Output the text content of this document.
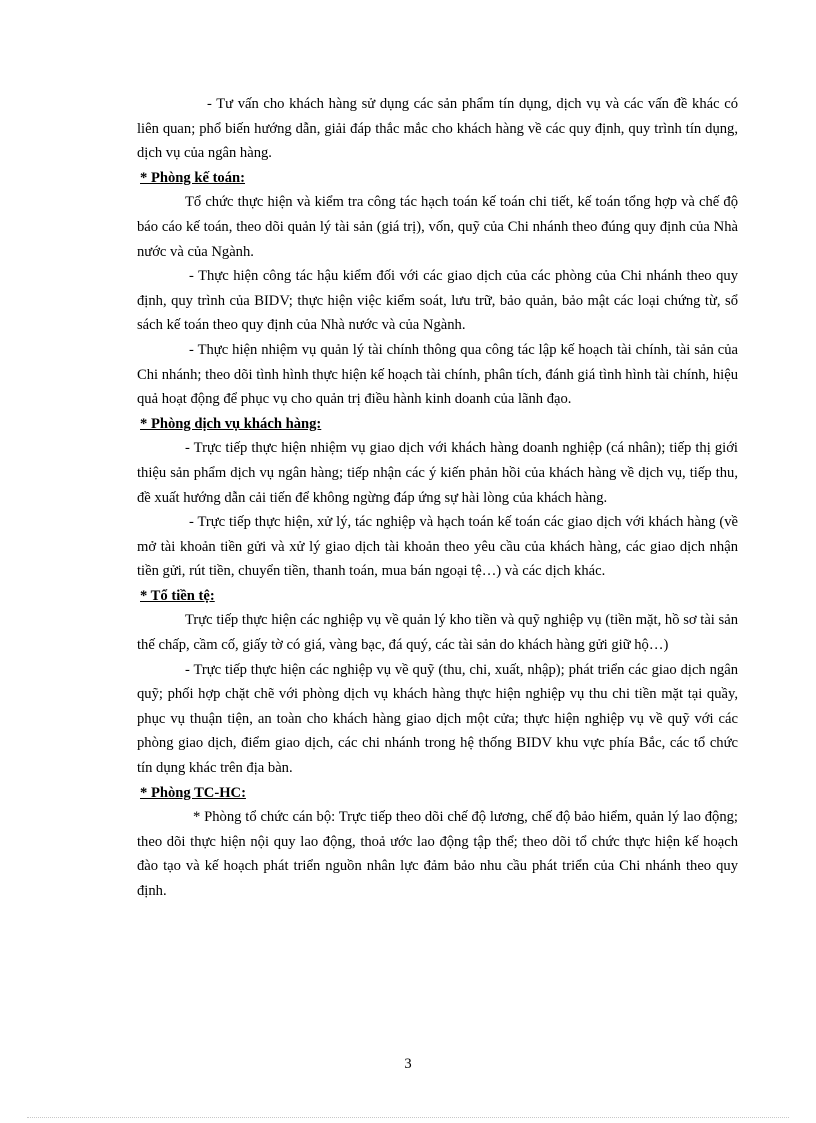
- Tư vấn cho khách hàng sử dụng các sản phẩm tín dụng, dịch vụ và các vấn đề khác có liên quan; phổ biến hướng dẫn, giải đáp thắc mắc cho khách hàng về các quy định, quy trình tín dụng, dịch vụ của ngân hàng.

* Phòng kế toán:

Tổ chức thực hiện và kiểm tra công tác hạch toán kế toán chi tiết, kế toán tổng hợp và chế độ báo cáo kế toán, theo dõi quản lý tài sản (giá trị), vốn, quỹ của Chi nhánh theo đúng quy định của Nhà nước và của Ngành.

- Thực hiện công tác hậu kiểm đối với các giao dịch của các phòng của Chi nhánh theo quy định, quy trình của BIDV; thực hiện việc kiểm soát, lưu trữ, bảo quản, bảo mật các loại chứng từ, sổ sách kế toán theo quy định của Nhà nước và của Ngành.

- Thực hiện nhiệm vụ quản lý tài chính thông qua công tác lập kế hoạch tài chính, tài sản của Chi nhánh; theo dõi tình hình thực hiện kế hoạch tài chính, phân tích, đánh giá tình hình tài chính, hiệu quả hoạt động để phục vụ cho quản trị điều hành kinh doanh của lãnh đạo.

* Phòng dịch vụ khách hàng:

- Trực tiếp thực hiện nhiệm vụ giao dịch với khách hàng doanh nghiệp (cá nhân); tiếp thị giới thiệu sản phẩm dịch vụ ngân hàng; tiếp nhận các ý kiến phản hồi của khách hàng về dịch vụ, tiếp thu, đề xuất hướng dẫn cải tiến để không ngừng đáp ứng sự hài lòng của khách hàng.

- Trực tiếp thực hiện, xử lý, tác nghiệp và hạch toán kế toán các giao dịch với khách hàng (về mở tài khoản tiền gửi và xử lý giao dịch tài khoản theo yêu cầu của khách hàng, các giao dịch nhận tiền gửi, rút tiền, chuyển tiền, thanh toán, mua bán ngoại tệ…) và các dịch khác.

* Tổ tiền tệ:

Trực tiếp thực hiện các nghiệp vụ về quản lý kho tiền và quỹ nghiệp vụ (tiền mặt, hồ sơ tài sản thế chấp, cầm cố, giấy tờ có giá, vàng bạc, đá quý, các tài sản do khách hàng gửi giữ hộ…)

- Trực tiếp thực hiện các nghiệp vụ về quỹ (thu, chi, xuất, nhập); phát triển các giao dịch ngân quỹ; phối hợp chặt chẽ với phòng dịch vụ khách hàng thực hiện nghiệp vụ thu chi tiền mặt tại quầy, phục vụ thuận tiện, an toàn cho khách hàng giao dịch một cửa; thực hiện nghiệp vụ về quỹ với các phòng giao dịch, điểm giao dịch, các chi nhánh trong hệ thống BIDV khu vực phía Bắc, các tổ chức tín dụng khác trên địa bàn.

* Phòng TC-HC:

* Phòng tổ chức cán bộ: Trực tiếp theo dõi chế độ lương, chế độ bảo hiểm, quản lý lao động; theo dõi thực hiện nội quy lao động, thoả ước lao động tập thể; theo dõi tổ chức thực hiện kế hoạch đào tạo và kế hoạch phát triển nguồn nhân lực đảm bảo nhu cầu phát triển của Chi nhánh theo quy định.

3
